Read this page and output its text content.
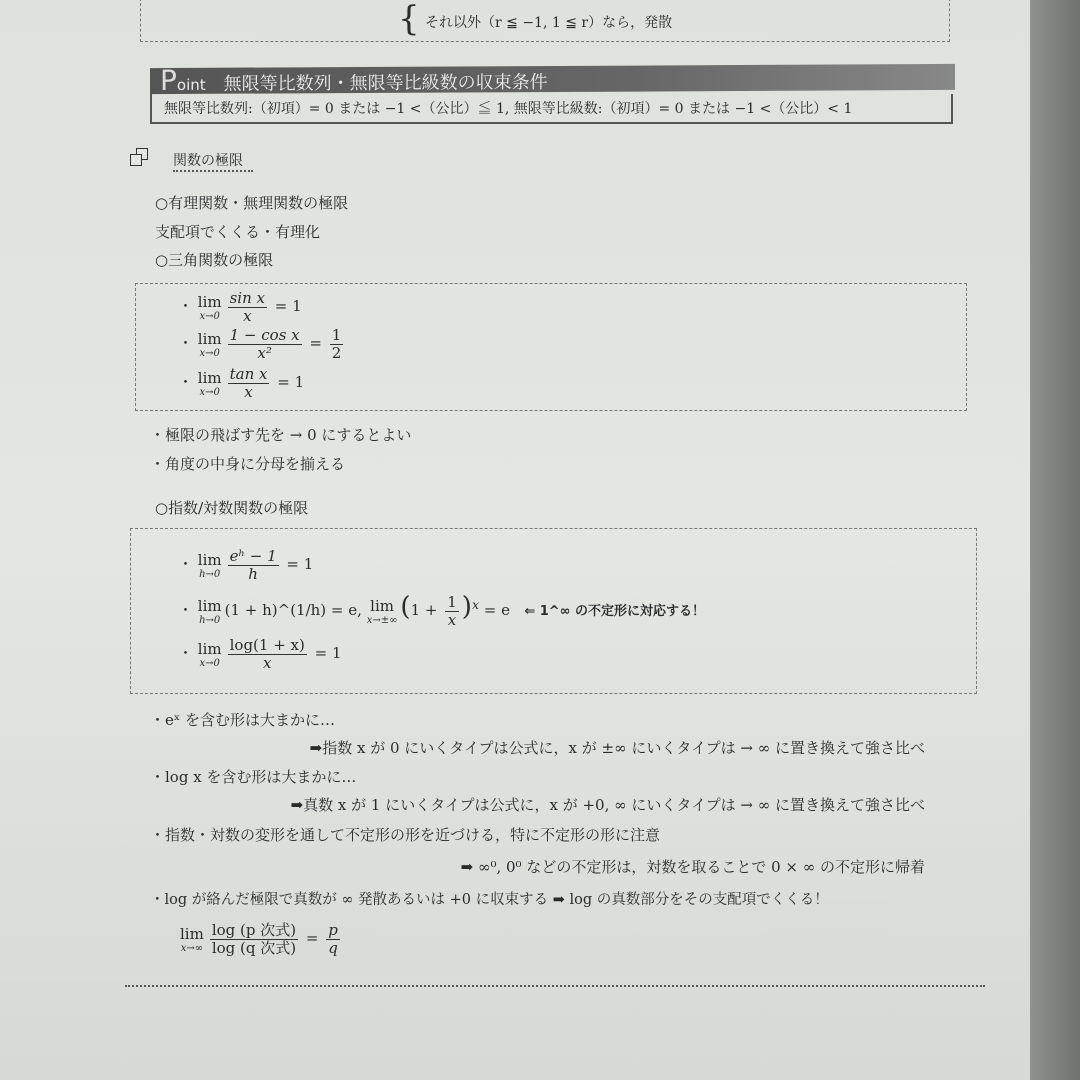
{ それ以外（r ≦ −1, 1 ≦ r）なら，発散
Point 無限等比数列・無限等比級数の収束条件
無限等比数列:（初項）= 0 または −1 <（公比）≦ 1, 無限等比級数:（初項）= 0 または −1 <（公比）< 1
関数の極限
○有理関数・無理関数の極限
支配項でくくる・有理化
○三角関数の極限
・ lim
$x\to 0 \frac{\text{sin x}}{x} = 1$
・ lim
$x\to 0 \frac{\text{1 − cos x}}{\text{x²}} = \frac{1}{2}$
・ lim
$x\to 0 \frac{\text{tan x}}{x} = 1$
・極限の飛ばす先を → 0 にするとよい
・角度の中身に分母を揃える
○指数/対数関数の極限
・ lim
$h\to 0 \frac{\text{eʰ − 1}}{h} = 1$
・ lim
h→0
(1 + h)^(1/h) = e, lim
x→±∞ $(1 + \frac{1}{x} )^x = e$ ⇐ 1^∞ の不定形に対応する！
・ lim
$x\to 0 \frac{\log(1 + x)}{x} = 1$
・eˣ を含む形は大まかに…
➡指数 x が 0 にいくタイプは公式に，x が ±∞ にいくタイプは → ∞ に置き換えて強さ比べ
・log x を含む形は大まかに…
➡真数 x が 1 にいくタイプは公式に，x が +0, ∞ にいくタイプは → ∞ に置き換えて強さ比べ
・指数・対数の変形を通して不定形の形を近づける，特に不定形の形に注意
➡ ∞⁰, 0⁰ などの不定形は，対数を取ることで 0 × ∞ の不定形に帰着
・log が絡んだ極限で真数が ∞ 発散あるいは +0 に収束する ➡ log の真数部分をその支配項でくくる！
lim
$x\to\infty \frac{\text{log (p 次式)}}{\text{log (q 次式)}} = \frac{p}{q}$
